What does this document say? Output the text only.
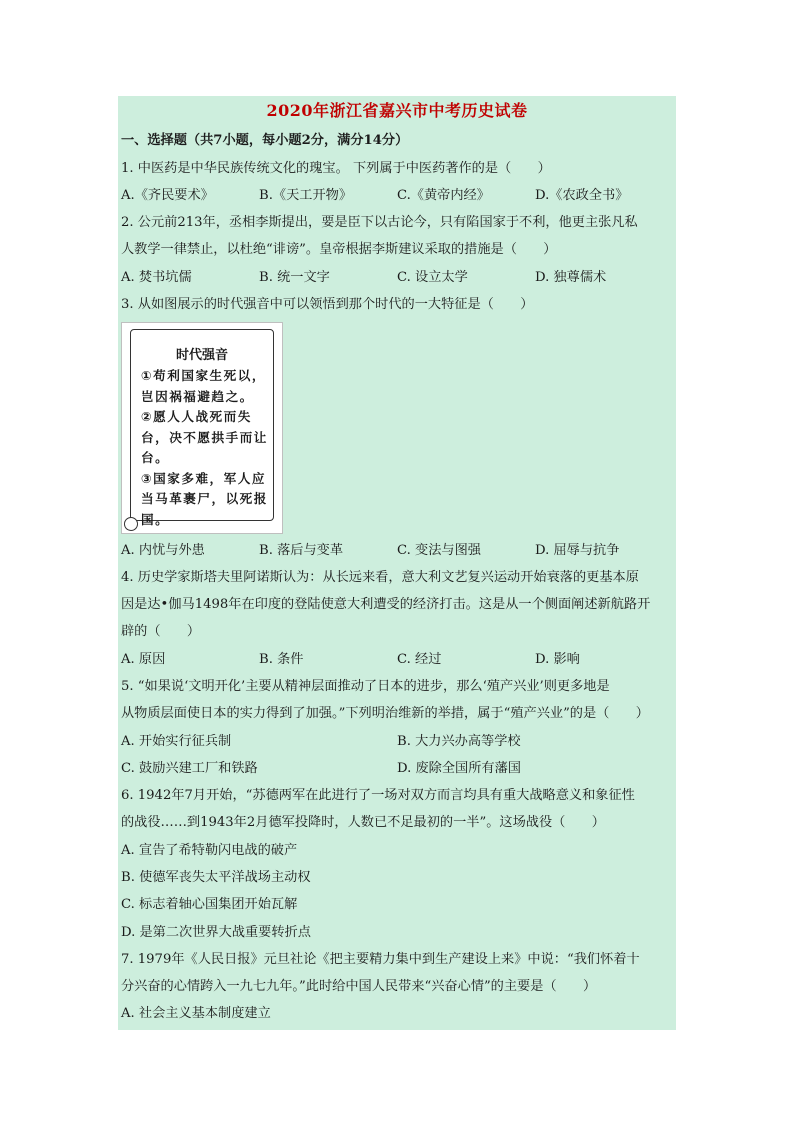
2020年浙江省嘉兴市中考历史试卷
一、选择题（共7小题，每小题2分，满分14分）
1. 中医药是中华民族传统文化的瑰宝。 下列属于中医药著作的是（　　）
A.《齐民要术》	B.《天工开物》	C.《黄帝内经》	D.《农政全书》
2. 公元前213年，丞相李斯提出，要是臣下以古论今，只有陷国家于不利，他更主张凡私
人教学一律禁止，以杜绝“诽谤”。皇帝根据李斯建议采取的措施是（　　）
A. 焚书坑儒	B. 统一文字	C. 设立太学	D. 独尊儒术
3. 从如图展示的时代强音中可以领悟到那个时代的一大特征是（　　）
时代强音
①苟利国家生死以，
岂因祸福避趋之。
②愿人人战死而失
台，决不愿拱手而让
台。
③国家多难，军人应
当马革裹尸，以死报
国。
A. 内忧与外患	B. 落后与变革	C. 变法与图强	D. 屈辱与抗争
4. 历史学家斯塔夫里阿诺斯认为：从长远来看，意大利文艺复兴运动开始衰落的更基本原
因是达•伽马1498年在印度的登陆使意大利遭受的经济打击。这是从一个侧面阐述新航路开
辟的（　　）
A. 原因	B. 条件	C. 经过	D. 影响
5. “如果说‘文明开化’主要从精神层面推动了日本的进步，那么‘殖产兴业’则更多地是
从物质层面使日本的实力得到了加强。”下列明治维新的举措，属于“殖产兴业”的是（　　）
A. 开始实行征兵制	B. 大力兴办高等学校
C. 鼓励兴建工厂和铁路	D. 废除全国所有藩国
6. 1942年7月开始，“苏德两军在此进行了一场对双方而言均具有重大战略意义和象征性
的战役……到1943年2月德军投降时，人数已不足最初的一半”。这场战役（　　）
A. 宣告了希特勒闪电战的破产
B. 使德军丧失太平洋战场主动权
C. 标志着轴心国集团开始瓦解
D. 是第二次世界大战重要转折点
7. 1979年《人民日报》元旦社论《把主要精力集中到生产建设上来》中说：“我们怀着十
分兴奋的心情跨入一九七九年。”此时给中国人民带来“兴奋心情”的主要是（　　）
A. 社会主义基本制度建立
